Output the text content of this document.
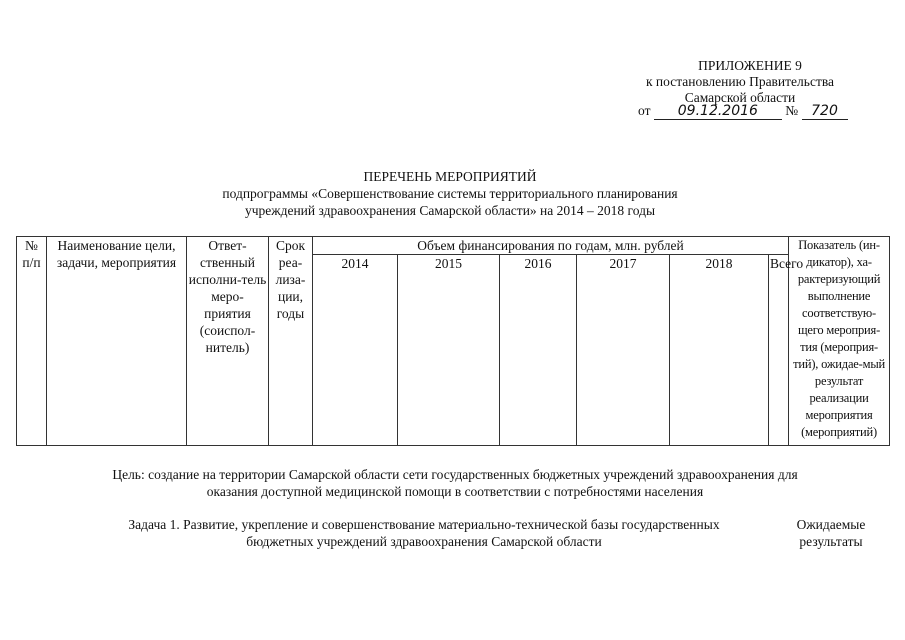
ПРИЛОЖЕНИЕ 9
к постановлению Правительства
Самарской области
от 09.12.2016 № 720
ПЕРЕЧЕНЬ МЕРОПРИЯТИЙ
подпрограммы «Совершенствование системы территориального планирования
учреждений здравоохранения Самарской области» на 2014 – 2018 годы
№ п/п	Наименование цели, задачи, мероприятия	Ответ-ственный исполни-тель меро-приятия (соиспол-нитель)	Срок реа-лиза-ции, годы	Объем финансирования по годам, млн. рублей						Показатель (ин-дикатор), ха-рактеризующий выполнение соответствую-щего мероприя-тия (мероприя-тий), ожидае-мый результат реализации мероприятия (мероприятий)
				2014	2015	2016	2017	2018	Всего	
Цель: создание на территории Самарской области сети государственных бюджетных учреждений здравоохранения для
оказания доступной медицинской помощи в соответствии с потребностями населения
Задача 1. Развитие, укрепление и совершенствование материально-технической базы государственных
бюджетных учреждений здравоохранения Самарской области
Ожидаемые
результаты
